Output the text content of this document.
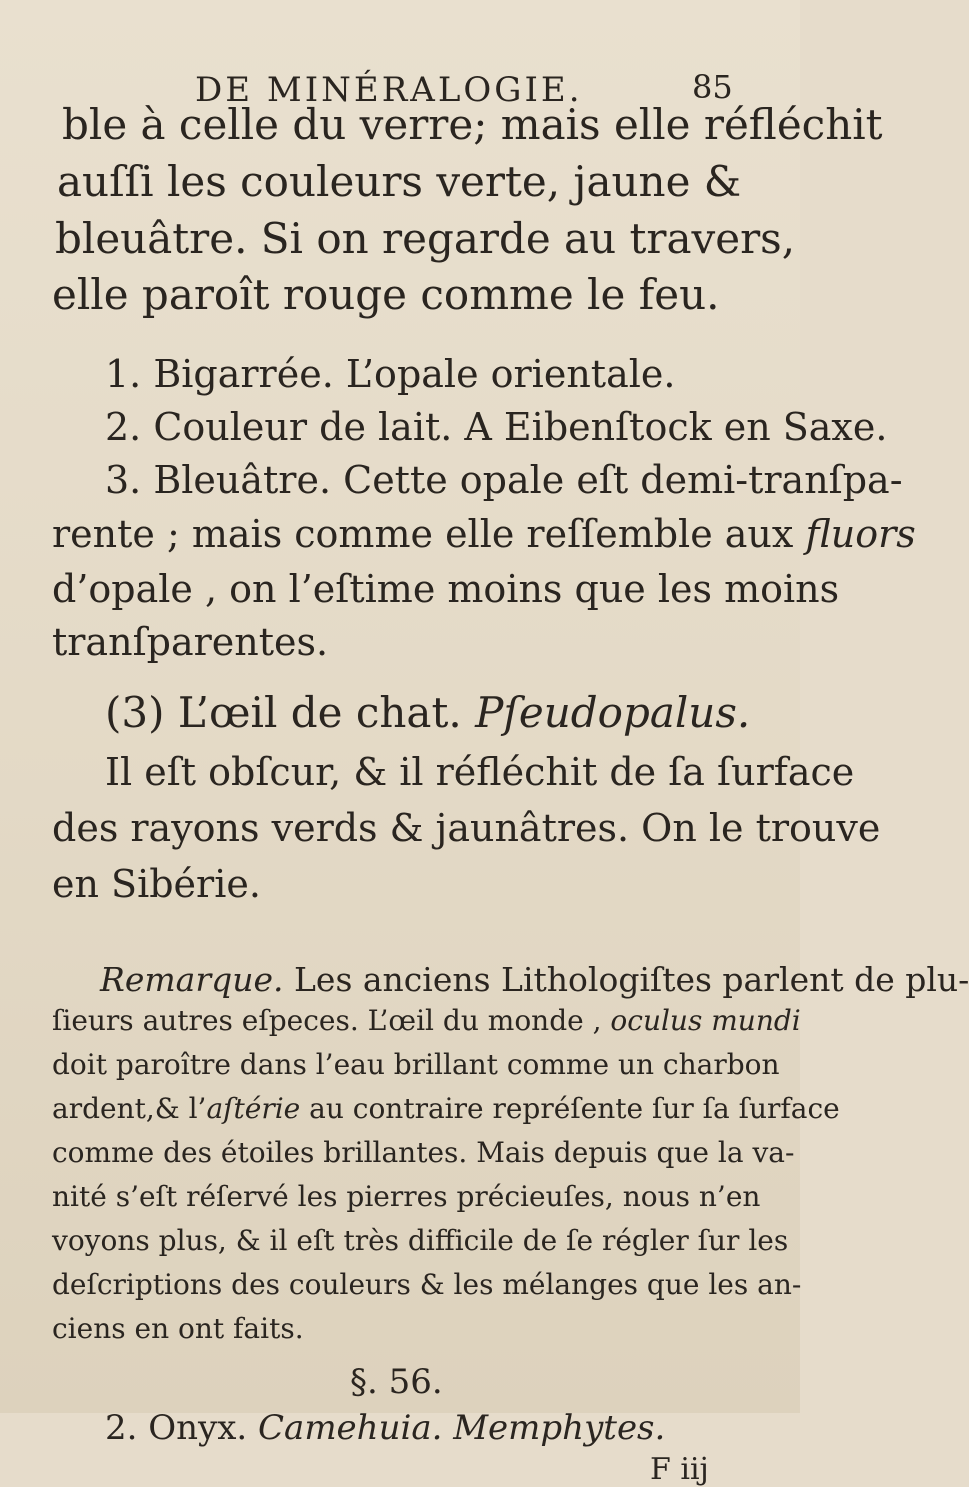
DE MINÉRALOGIE.	85
ble à celle du verre; mais elle réfléchit
auſſi les couleurs verte, jaune &
bleuâtre. Si on regarde au travers,
elle paroît rouge comme le feu.
1. Bigarrée. L’opale orientale.
2. Couleur de lait. A Eibenſtock en Saxe.
3. Bleuâtre. Cette opale eſt demi-tranſpa-
rente ; mais comme elle reſſemble aux fluors
d’opale , on l’eſtime moins que les moins
tranſparentes.
(3) L’œil de chat. Pſeudopalus.
Il eſt obſcur, & il réfléchit de ſa ſurface
des rayons verds & jaunâtres. On le trouve
en Sibérie.
Remarque. Les anciens Lithologiſtes parlent de plu-
F iij
ſieurs autres eſpeces. L’œil du monde , oculus mundi
doit paroître dans l’eau brillant comme un charbon
ardent,& l’aſtérie au contraire repréſente ſur ſa ſurface
comme des étoiles brillantes. Mais depuis que la va-
nité s’eſt réſervé les pierres précieuſes, nous n’en
voyons plus, & il eſt très difficile de ſe régler ſur les
deſcriptions des couleurs & les mélanges que les an-
ciens en ont faits.
§. 56.
2. Onyx. Camehuia. Memphytes.
